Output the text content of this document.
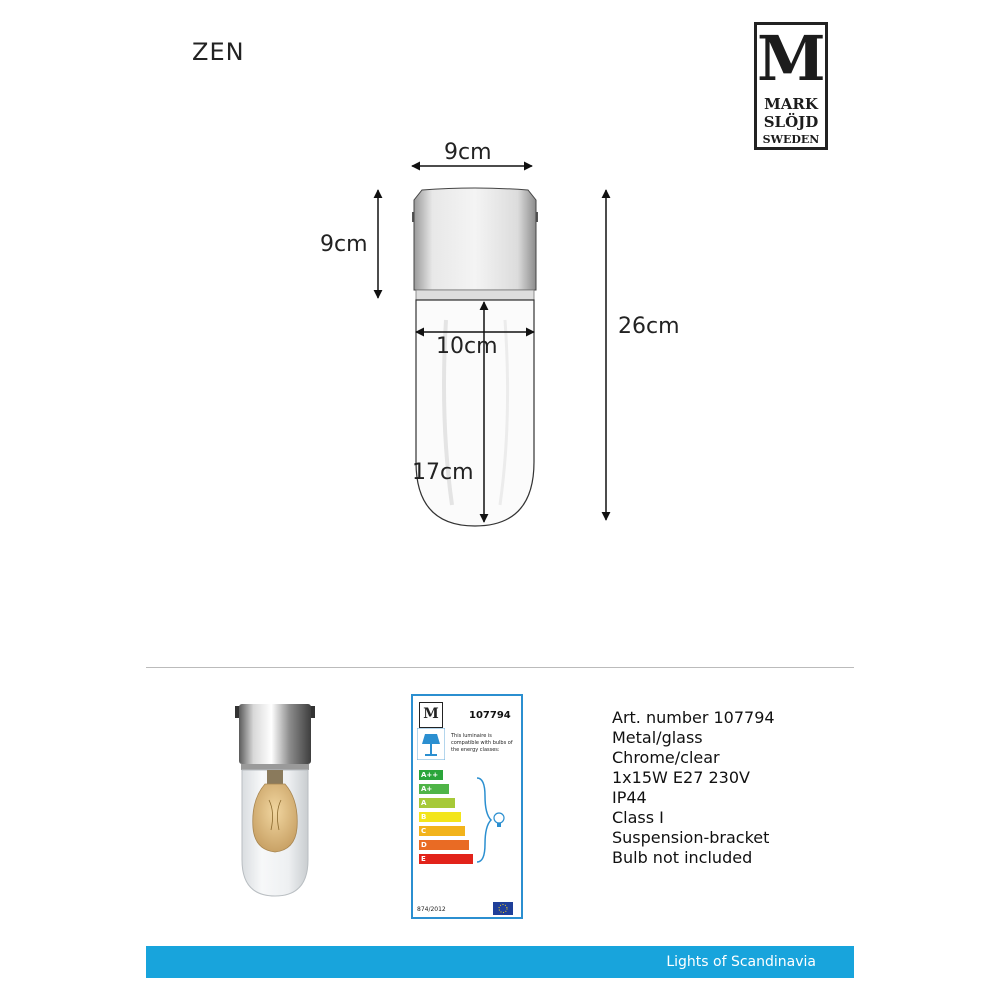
ZEN	M
MARK
SLÖJD
SWEDEN
9cm
9cm
10cm
17cm
26cm
M	107794
This luminaire is compatible with bulbs of the energy classes:
A++
A+
A
B
C
D
E
874/2012
Art. number 107794
Metal/glass
Chrome/clear
1x15W E27 230V
IP44
Class I
Suspension-bracket
Bulb not included
Lights of Scandinavia
